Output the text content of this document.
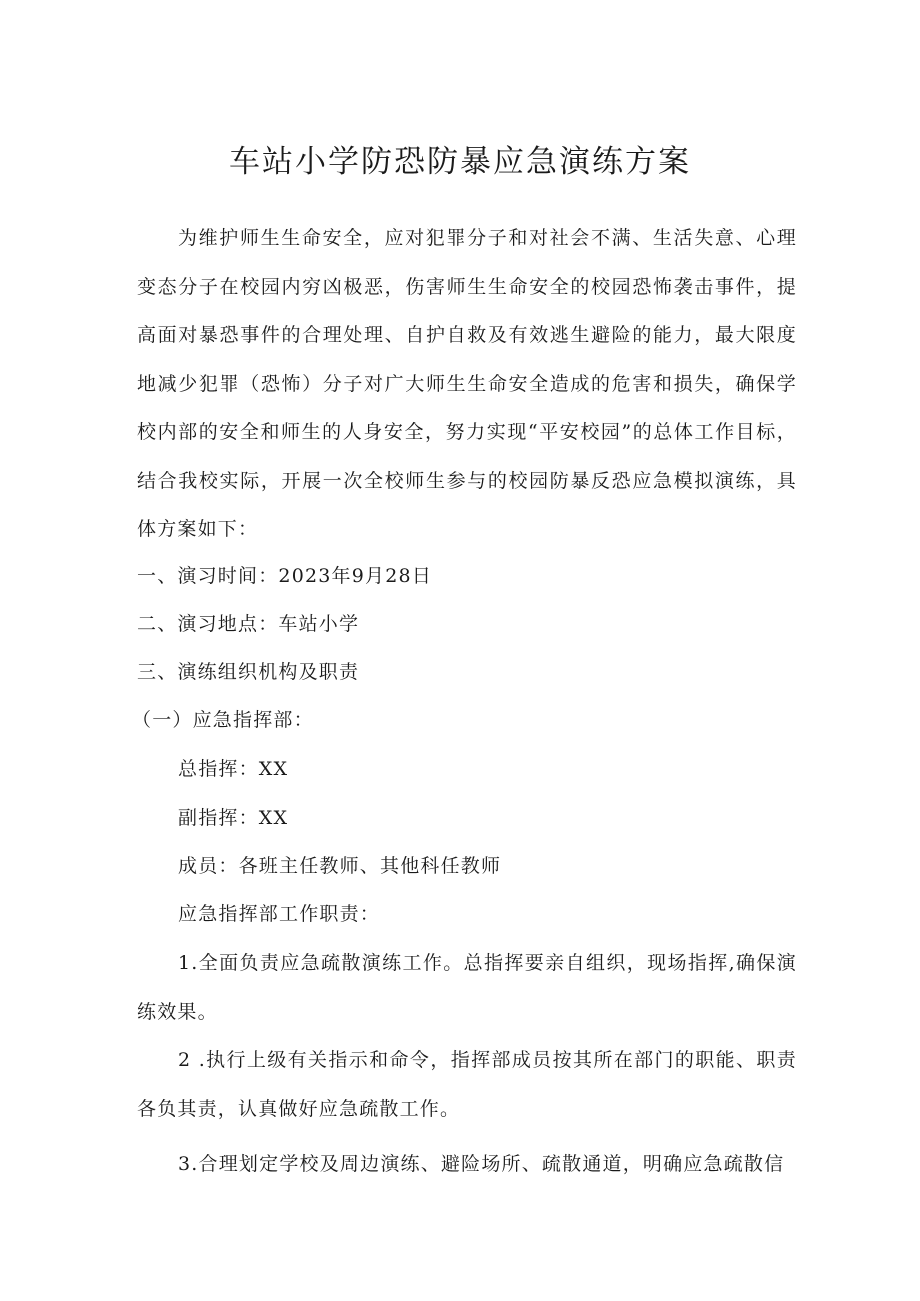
车站小学防恐防暴应急演练方案

为维护师生生命安全，应对犯罪分子和对社会不满、生活失意、心理变态分子在校园内穷凶极恶，伤害师生生命安全的校园恐怖袭击事件，提高面对暴恐事件的合理处理、自护自救及有效逃生避险的能力，最大限度地减少犯罪（恐怖）分子对广大师生生命安全造成的危害和损失，确保学校内部的安全和师生的人身安全，努力实现“平安校园”的总体工作目标，结合我校实际，开展一次全校师生参与的校园防暴反恐应急模拟演练，具体方案如下：

一、演习时间：2023年9月28日

二、演习地点：车站小学

三、演练组织机构及职责

（一）应急指挥部：

总指挥：XX

副指挥：XX

成员：各班主任教师、其他科任教师

应急指挥部工作职责：

1.全面负责应急疏散演练工作。总指挥要亲自组织，现场指挥,确保演练效果。

2 .执行上级有关指示和命令，指挥部成员按其所在部门的职能、职责各负其责，认真做好应急疏散工作。

3.合理划定学校及周边演练、避险场所、疏散通道，明确应急疏散信
